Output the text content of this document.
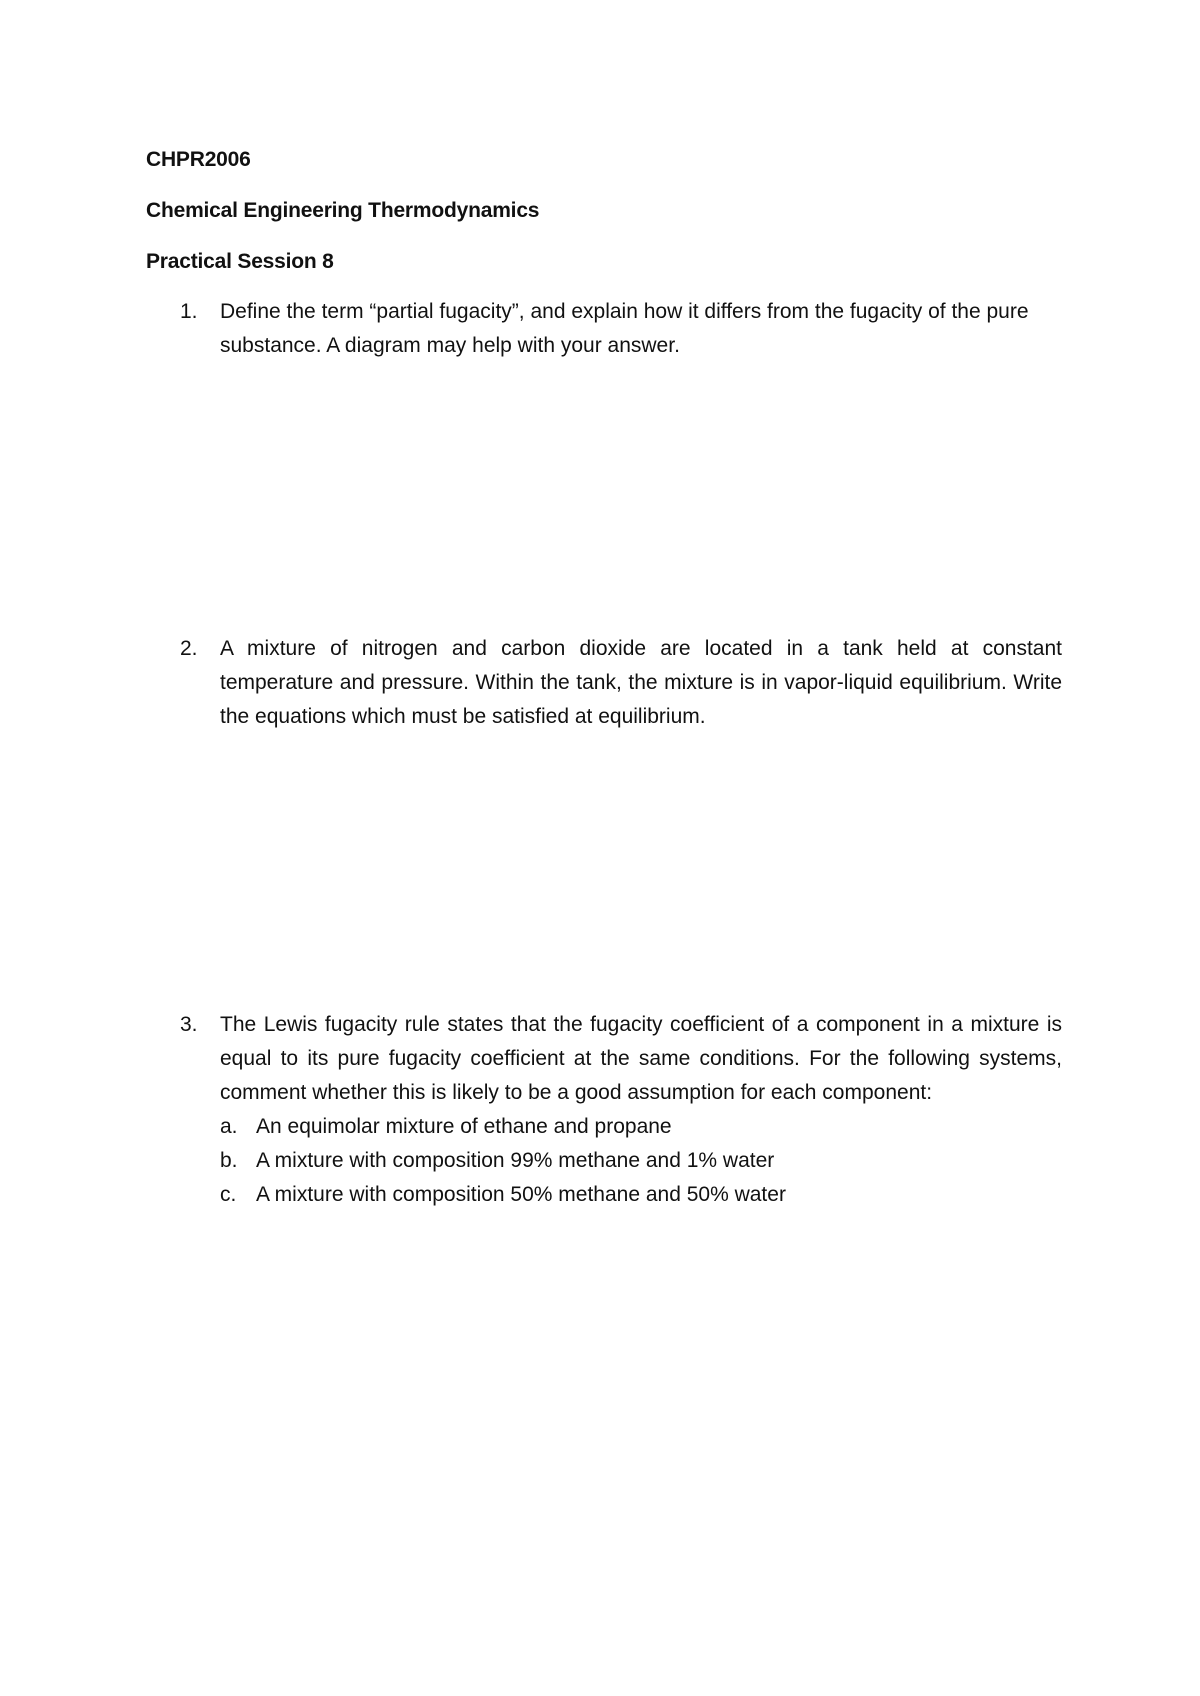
CHPR2006
Chemical Engineering Thermodynamics
Practical Session 8
1. Define the term “partial fugacity”, and explain how it differs from the fugacity of the pure substance. A diagram may help with your answer.
2. A mixture of nitrogen and carbon dioxide are located in a tank held at constant temperature and pressure. Within the tank, the mixture is in vapor-liquid equilibrium. Write the equations which must be satisfied at equilibrium.
3. The Lewis fugacity rule states that the fugacity coefficient of a component in a mixture is equal to its pure fugacity coefficient at the same conditions. For the following systems, comment whether this is likely to be a good assumption for each component:
a. An equimolar mixture of ethane and propane
b. A mixture with composition 99% methane and 1% water
c. A mixture with composition 50% methane and 50% water
